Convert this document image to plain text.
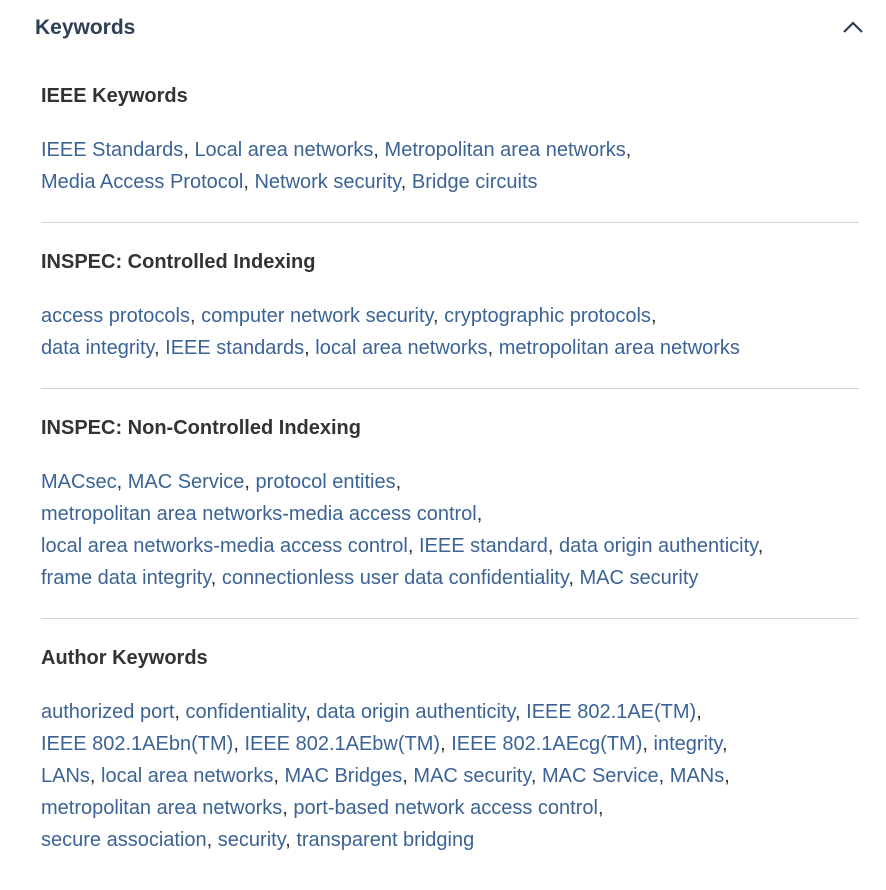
Keywords
IEEE Keywords
IEEE Standards, Local area networks, Metropolitan area networks,
Media Access Protocol, Network security, Bridge circuits
INSPEC: Controlled Indexing
access protocols, computer network security, cryptographic protocols,
data integrity, IEEE standards, local area networks, metropolitan area networks
INSPEC: Non-Controlled Indexing
MACsec, MAC Service, protocol entities,
metropolitan area networks-media access control,
local area networks-media access control, IEEE standard, data origin authenticity,
frame data integrity, connectionless user data confidentiality, MAC security
Author Keywords
authorized port, confidentiality, data origin authenticity, IEEE 802.1AE(TM),
IEEE 802.1AEbn(TM), IEEE 802.1AEbw(TM), IEEE 802.1AEcg(TM), integrity,
LANs, local area networks, MAC Bridges, MAC security, MAC Service, MANs,
metropolitan area networks, port-based network access control,
secure association, security, transparent bridging
